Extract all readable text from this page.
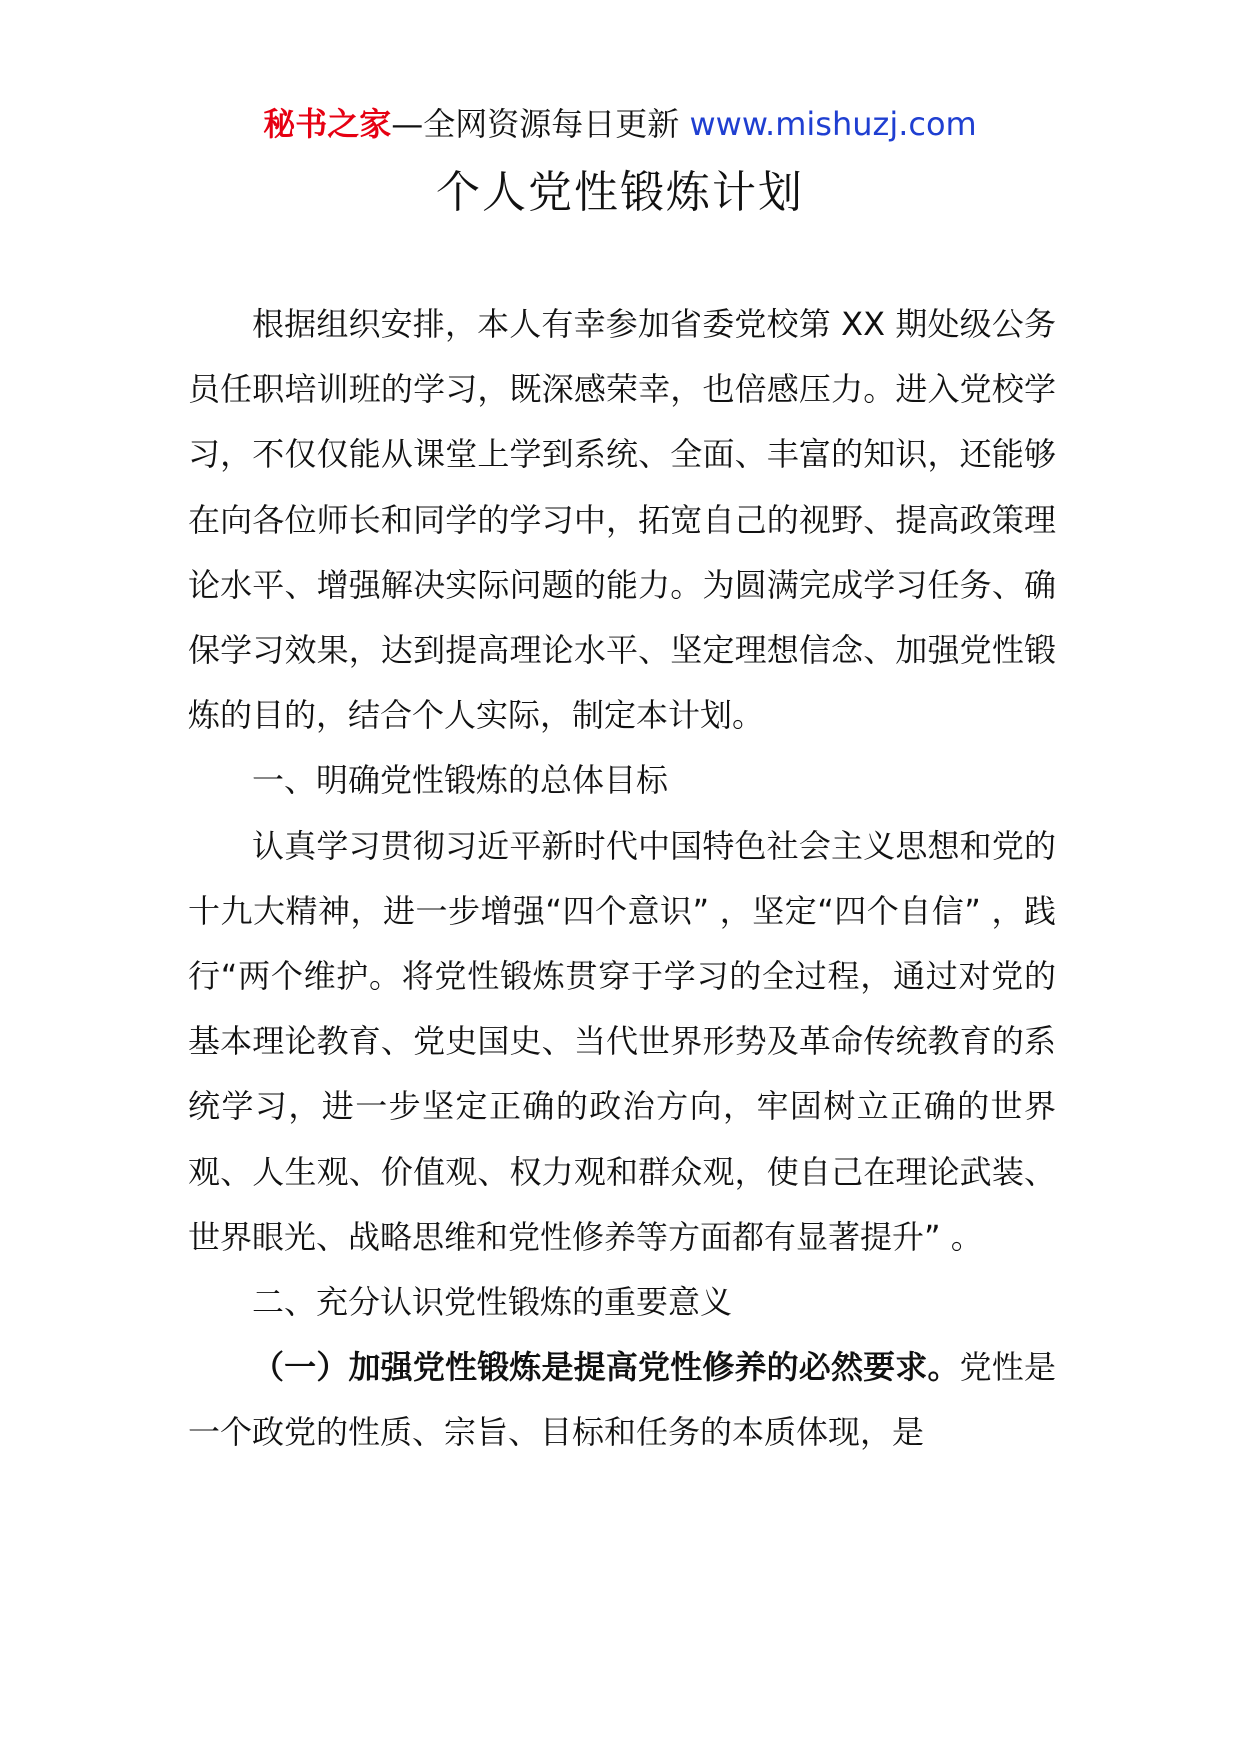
秘书之家—全网资源每日更新 www.mishuzj.com
个人党性锻炼计划

根据组织安排，本人有幸参加省委党校第 XX 期处级公务员任职培训班的学习，既深感荣幸，也倍感压力。进入党校学习，不仅仅能从课堂上学到系统、全面、丰富的知识，还能够在向各位师长和同学的学习中，拓宽自己的视野、提高政策理论水平、增强解决实际问题的能力。为圆满完成学习任务、确保学习效果，达到提高理论水平、坚定理想信念、加强党性锻炼的目的，结合个人实际，制定本计划。

一、明确党性锻炼的总体目标

认真学习贯彻习近平新时代中国特色社会主义思想和党的十九大精神，进一步增强“四个意识” ，坚定“四个自信” ，践行“两个维护。将党性锻炼贯穿于学习的全过程，通过对党的基本理论教育、党史国史、当代世界形势及革命传统教育的系统学习，进一步坚定正确的政治方向，牢固树立正确的世界观、人生观、价值观、权力观和群众观，使自己在理论武装、世界眼光、战略思维和党性修养等方面都有显著提升” 。

二、充分认识党性锻炼的重要意义

（一）加强党性锻炼是提高党性修养的必然要求。党性是一个政党的性质、宗旨、目标和任务的本质体现，是
